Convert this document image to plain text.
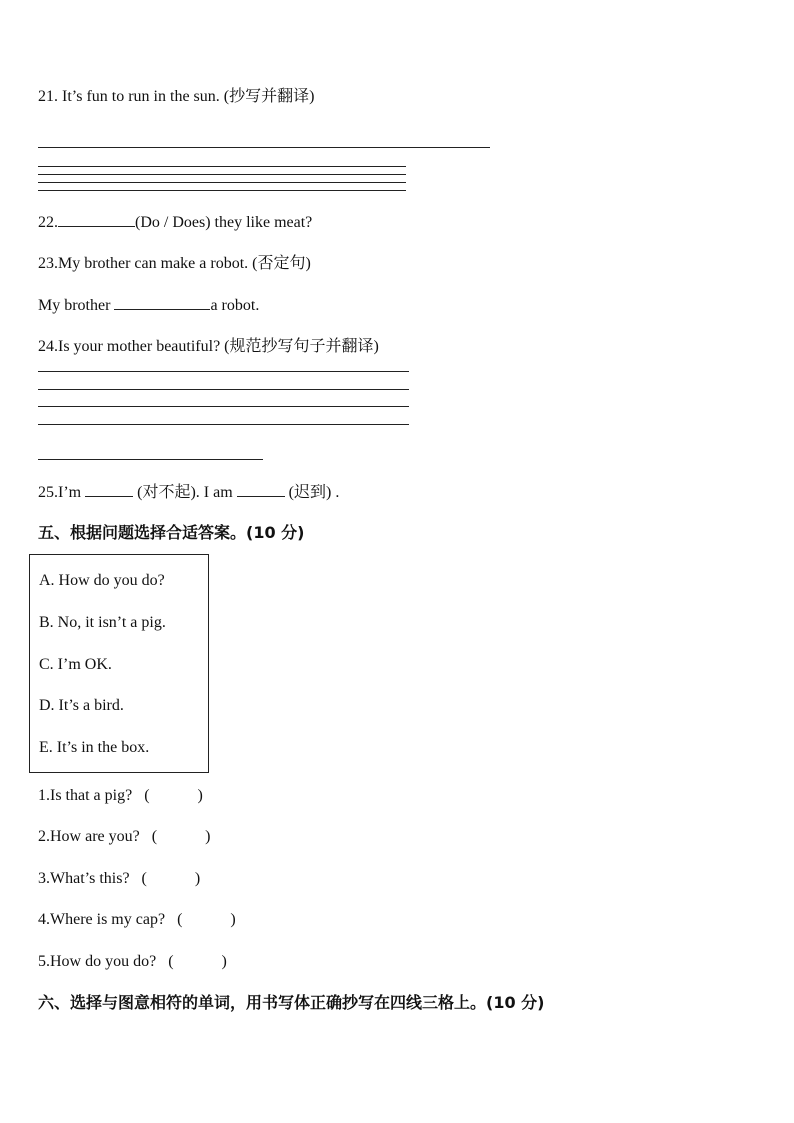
21. It’s fun to run in the sun. (抄写并翻译)
22.	(Do / Does) they like meat?
23.My brother can make a robot. (否定句)
My brother	a robot.
24.Is your mother beautiful? (规范抄写句子并翻译)
25.I’m	(对不起). I am	(迟到) .
五、根据问题选择合适答案。(10 分)
A. How do you do?
B. No, it isn’t a pig.
C. I’m OK.
D. It’s a bird.
E. It’s in the box.
1.Is that a pig? (	)
2.How are you? (	)
3.What’s this? (	)
4.Where is my cap? (	)
5.How do you do? (	)
六、选择与图意相符的单词，用书写体正确抄写在四线三格上。(10 分)
